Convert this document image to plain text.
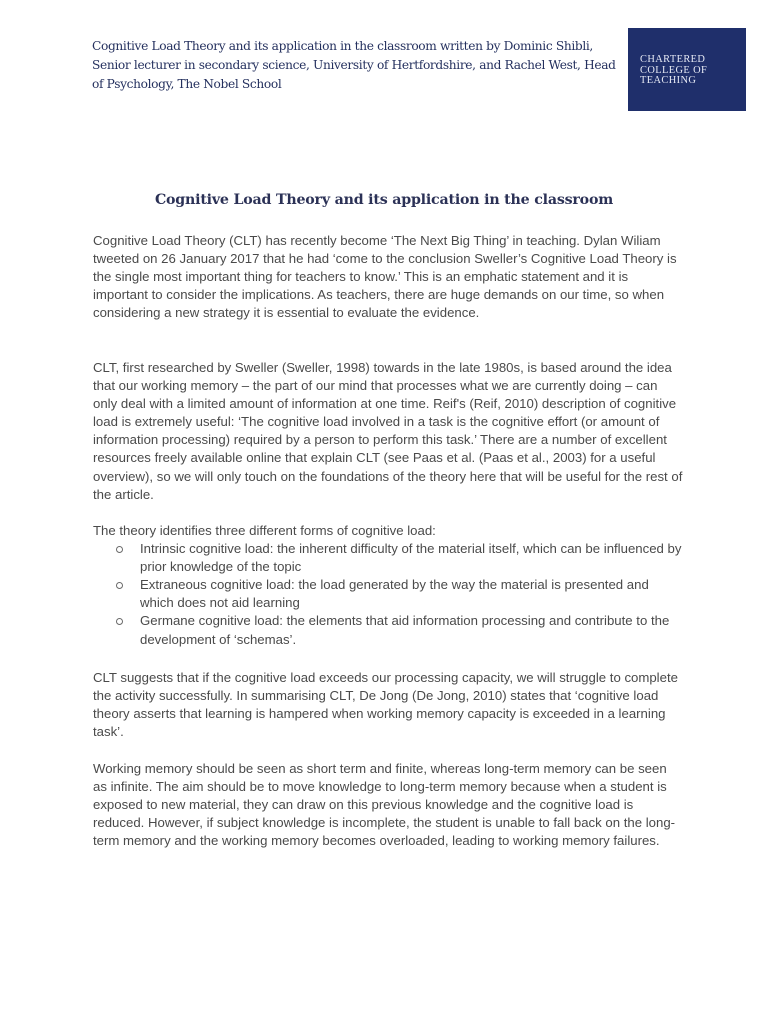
Cognitive Load Theory and its application in the classroom written by Dominic Shibli, Senior lecturer in secondary science, University of Hertfordshire, and Rachel West, Head of Psychology, The Nobel School
CHARTERED
COLLEGE OF
TEACHING
Cognitive Load Theory and its application in the classroom

Cognitive Load Theory (CLT) has recently become ‘The Next Big Thing’ in teaching. Dylan Wiliam tweeted on 26 January 2017 that he had ‘come to the conclusion Sweller’s Cognitive Load Theory is the single most important thing for teachers to know.’ This is an emphatic statement and it is important to consider the implications. As teachers, there are huge demands on our time, so when considering a new strategy it is essential to evaluate the evidence.

CLT, first researched by Sweller (Sweller, 1998) towards in the late 1980s, is based around the idea that our working memory – the part of our mind that processes what we are currently doing – can only deal with a limited amount of information at one time. Reif's (Reif, 2010) description of cognitive load is extremely useful: ‘The cognitive load involved in a task is the cognitive effort (or amount of information processing) required by a person to perform this task.’ There are a number of excellent resources freely available online that explain CLT (see Paas et al. (Paas et al., 2003) for a useful overview), so we will only touch on the foundations of the theory here that will be useful for the rest of the article.

The theory identifies three different forms of cognitive load:
Intrinsic cognitive load: the inherent difficulty of the material itself, which can be influenced by prior knowledge of the topic
Extraneous cognitive load: the load generated by the way the material is presented and which does not aid learning
Germane cognitive load: the elements that aid information processing and contribute to the development of ‘schemas’.

CLT suggests that if the cognitive load exceeds our processing capacity, we will struggle to complete the activity successfully. In summarising CLT, De Jong (De Jong, 2010) states that ‘cognitive load theory asserts that learning is hampered when working memory capacity is exceeded in a learning task’.

Working memory should be seen as short term and finite, whereas long-term memory can be seen as infinite. The aim should be to move knowledge to long-term memory because when a student is exposed to new material, they can draw on this previous knowledge and the cognitive load is reduced. However, if subject knowledge is incomplete, the student is unable to fall back on the long-term memory and the working memory becomes overloaded, leading to working memory failures.
